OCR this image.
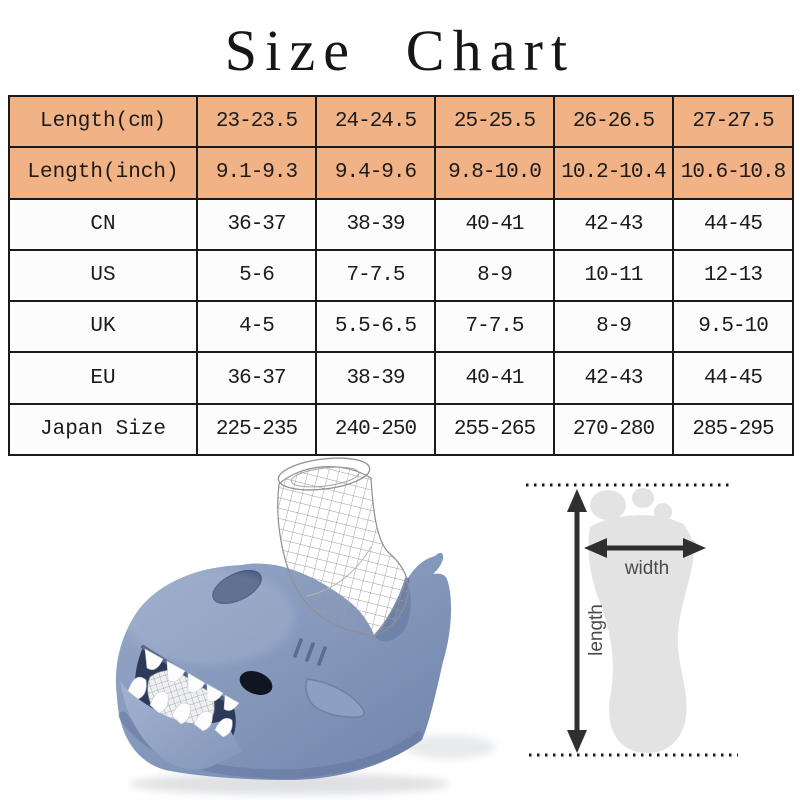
Size Chart
Length(cm)	23-23.5	24-24.5	25-25.5	26-26.5	27-27.5
Length(inch)	9.1-9.3	9.4-9.6	9.8-10.0	10.2-10.4	10.6-10.8
CN	36-37	38-39	40-41	42-43	44-45
US	5-6	7-7.5	8-9	10-11	12-13
UK	4-5	5.5-6.5	7-7.5	8-9	9.5-10
EU	36-37	38-39	40-41	42-43	44-45
Japan Size	225-235	240-250	255-265	270-280	285-295
length
width
